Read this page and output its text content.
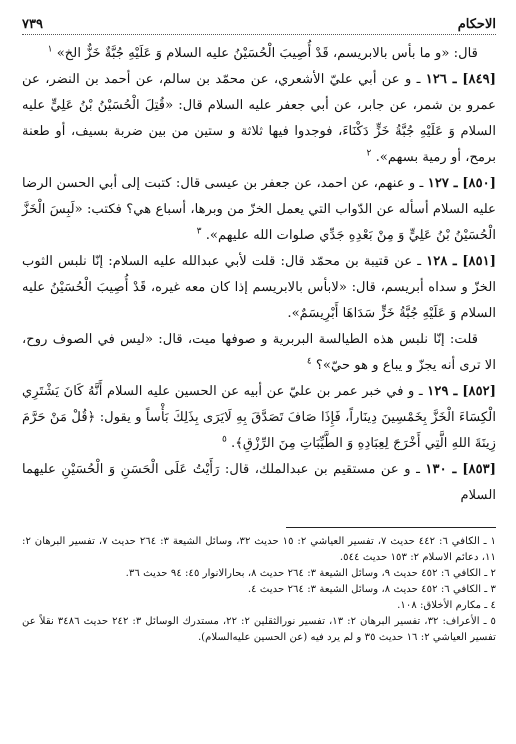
الاحكام
٧٣٩

قال: «و ما بأس بالابريسم، قَدْ أُصِيبَ الْحُسَيْنُ عليه السلام وَ عَلَيْهِ جُبَّةٌ خَزٌّ الخ» $^١$

[٨٤٩] ـ ١٢٦ ـ و عن أبي عليّ الأشعري، عن محمّد بن سالم، عن أحمد بن النضر، عن عمرو بن شمر، عن جابر، عن أبي جعفر عليه السلام قال: «قُتِلَ الْحُسَيْنُ بْنُ عَلِيٍّ عليه السلام وَ عَلَيْهِ جُبَّةُ خَزٍّ دَكْنَاءَ، فوجدوا فيها ثلاثة و ستين من بين ضربة بسيف، أو طعنة برمح، أو رمية بسهم». $^٢$

[٨٥٠] ـ ١٢٧ ـ و عنهم، عن احمد، عن جعفر بن عيسى قال: كتبت إلى أبي الحسن الرضا عليه السلام أسأله عن الدّواب التي يعمل الخزّ من وبرها، أسباع هي؟ فكتب: «لَبِسَ الْخَزَّ الْحُسَيْنُ بْنُ عَلِيٍّ وَ مِنْ بَعْدِهِ جَدِّي صلوات الله عليهم». $^٣$

[٨٥١] ـ ١٢٨ ـ عن قتيبة بن محمّد قال: قلت لأبي عبدالله عليه السلام: إنّا نلبس الثوب الخزّ و سداه أبريسم، قال: «لابأس بالابريسم إذا كان معه غيره، قَدْ أُصِيبَ الْحُسَيْنُ عليه السلام وَ عَلَيْهِ جُبَّةُ خَزٍّ سَدَاهَا أَبْرِيسَمٌ».

قلت: إنّا نلبس هذه الطيالسة البربرية و صوفها ميت، قال: «ليس في الصوف روح، الا ترى أنه يجزّ و يباع و هو حيّ»؟ $^٤$

[٨٥٢] ـ ١٢٩ ـ و في خبر عمر بن عليّ عن أبيه عن الحسين عليه السلام أَنَّهُ كَانَ يَشْتَرِي الْكِسَاءَ الْخَزَّ بِخَمْسِينَ دِينَاراً، فَإِذَا صَافَ تَصَدَّقَ بِهِ لَايَرَى بِذَلِكَ بَأْساً و يقول: ﴿قُلْ مَنْ حَرَّمَ زِينَةَ اللهِ الَّتِي أَخْرَجَ لِعِبَادِهِ وَ الطَّيِّبَاتِ مِنَ الرِّزْقِ﴾. $^٥$

[٨٥٣] ـ ١٣٠ ـ و عن مستقيم بن عبدالملك، قال: رَأَيْتُ عَلَى الْحَسَنِ وَ الْحُسَيْنِ عليهما السلام

١ ـ الكافي ٦: ٤٤٢ حديث ٧، تفسير العياشي ٢: ١٥ حديث ٣٢، وسائل الشيعة ٣: ٢٦٤ حديث ٧، تفسير البرهان ٢: ١١، دعائم الاسلام ٢: ١٥٣ حديث ٥٤٤.

٢ ـ الكافي ٦: ٤٥٢ حديث ٩، وسائل الشيعة ٣: ٢٦٤ حديث ٨، بحارالانوار ٤٥: ٩٤ حديث ٣٦.

٣ ـ الكافي ٦: ٤٥٢ حديث ٨، وسائل الشيعة ٣: ٢٦٤ حديث ٤.

٤ ـ مكارم الأخلاق: ١٠٨.

٥ ـ الأعراف: ٣٢، تفسير البرهان ٢: ١٣، تفسير نورالثقلين ٢: ٢٢، مستدرك الوسائل ٣: ٢٤٢ حديث ٣٤٨٦ نقلاً عن تفسير العياشي ٢: ١٦ حديث ٣٥ و لم يرد فيه (عن الحسين عليه‌السلام).
